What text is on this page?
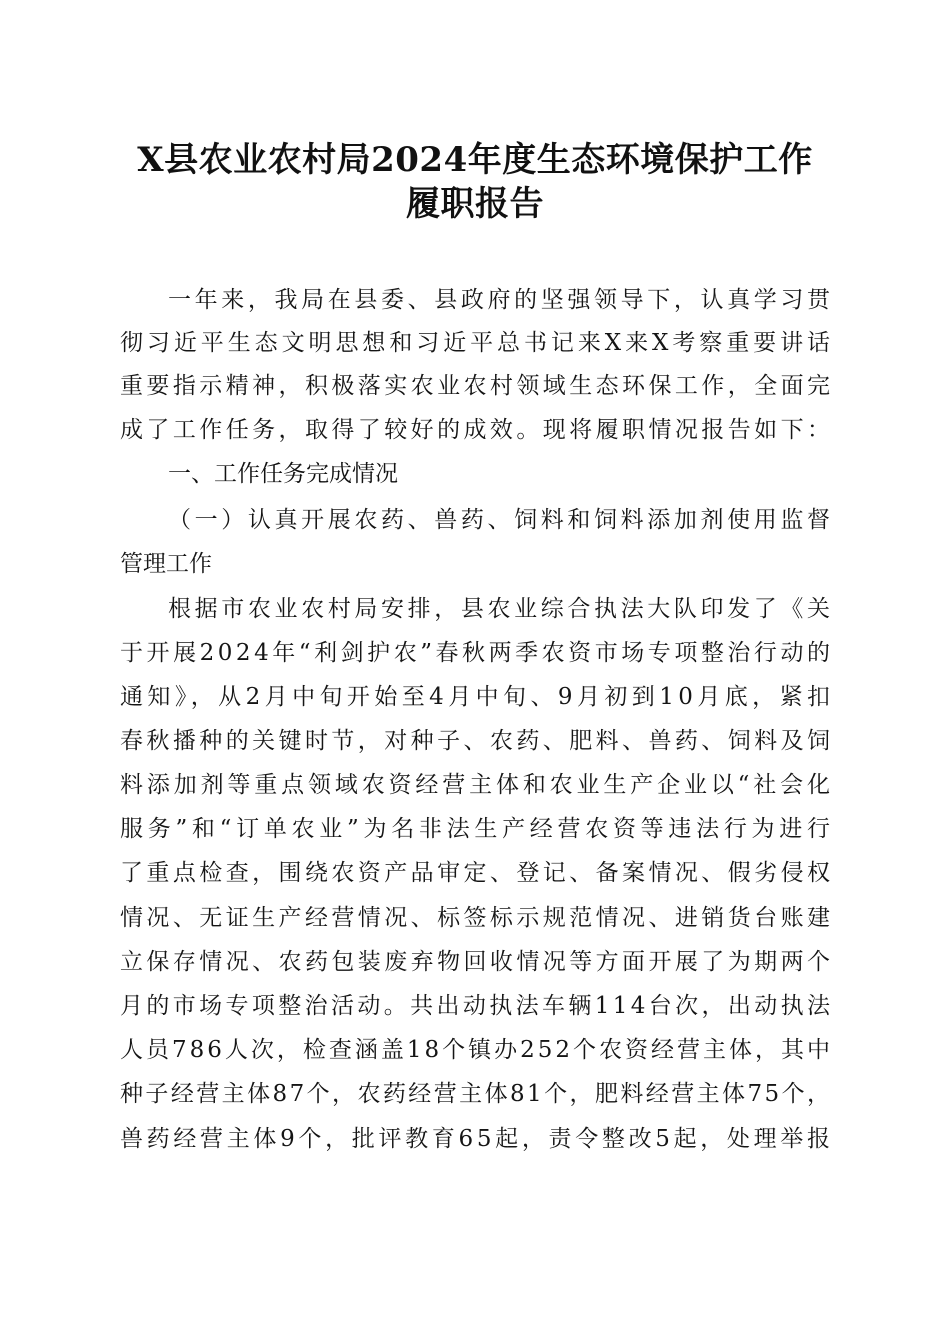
X县农业农村局2024年度生态环境保护工作
履职报告
一年来，我局在县委、县政府的坚强领导下，认真学习贯
彻习近平生态文明思想和习近平总书记来X来X考察重要讲话
重要指示精神，积极落实农业农村领域生态环保工作，全面完
成了工作任务，取得了较好的成效。现将履职情况报告如下：
一、工作任务完成情况
（一）认真开展农药、兽药、饲料和饲料添加剂使用监督
管理工作
根据市农业农村局安排，县农业综合执法大队印发了《关
于开展2024年“利剑护农”春秋两季农资市场专项整治行动的
通知》，从2月中旬开始至4月中旬、9月初到10月底，紧扣
春秋播种的关键时节，对种子、农药、肥料、兽药、饲料及饲
料添加剂等重点领域农资经营主体和农业生产企业以“社会化
服务”和“订单农业”为名非法生产经营农资等违法行为进行
了重点检查，围绕农资产品审定、登记、备案情况、假劣侵权
情况、无证生产经营情况、标签标示规范情况、进销货台账建
立保存情况、农药包装废弃物回收情况等方面开展了为期两个
月的市场专项整治活动。共出动执法车辆114台次，出动执法
人员786人次，检查涵盖18个镇办252个农资经营主体，其中
种子经营主体87个，农药经营主体81个，肥料经营主体75个，
兽药经营主体9个，批评教育65起，责令整改5起，处理举报
